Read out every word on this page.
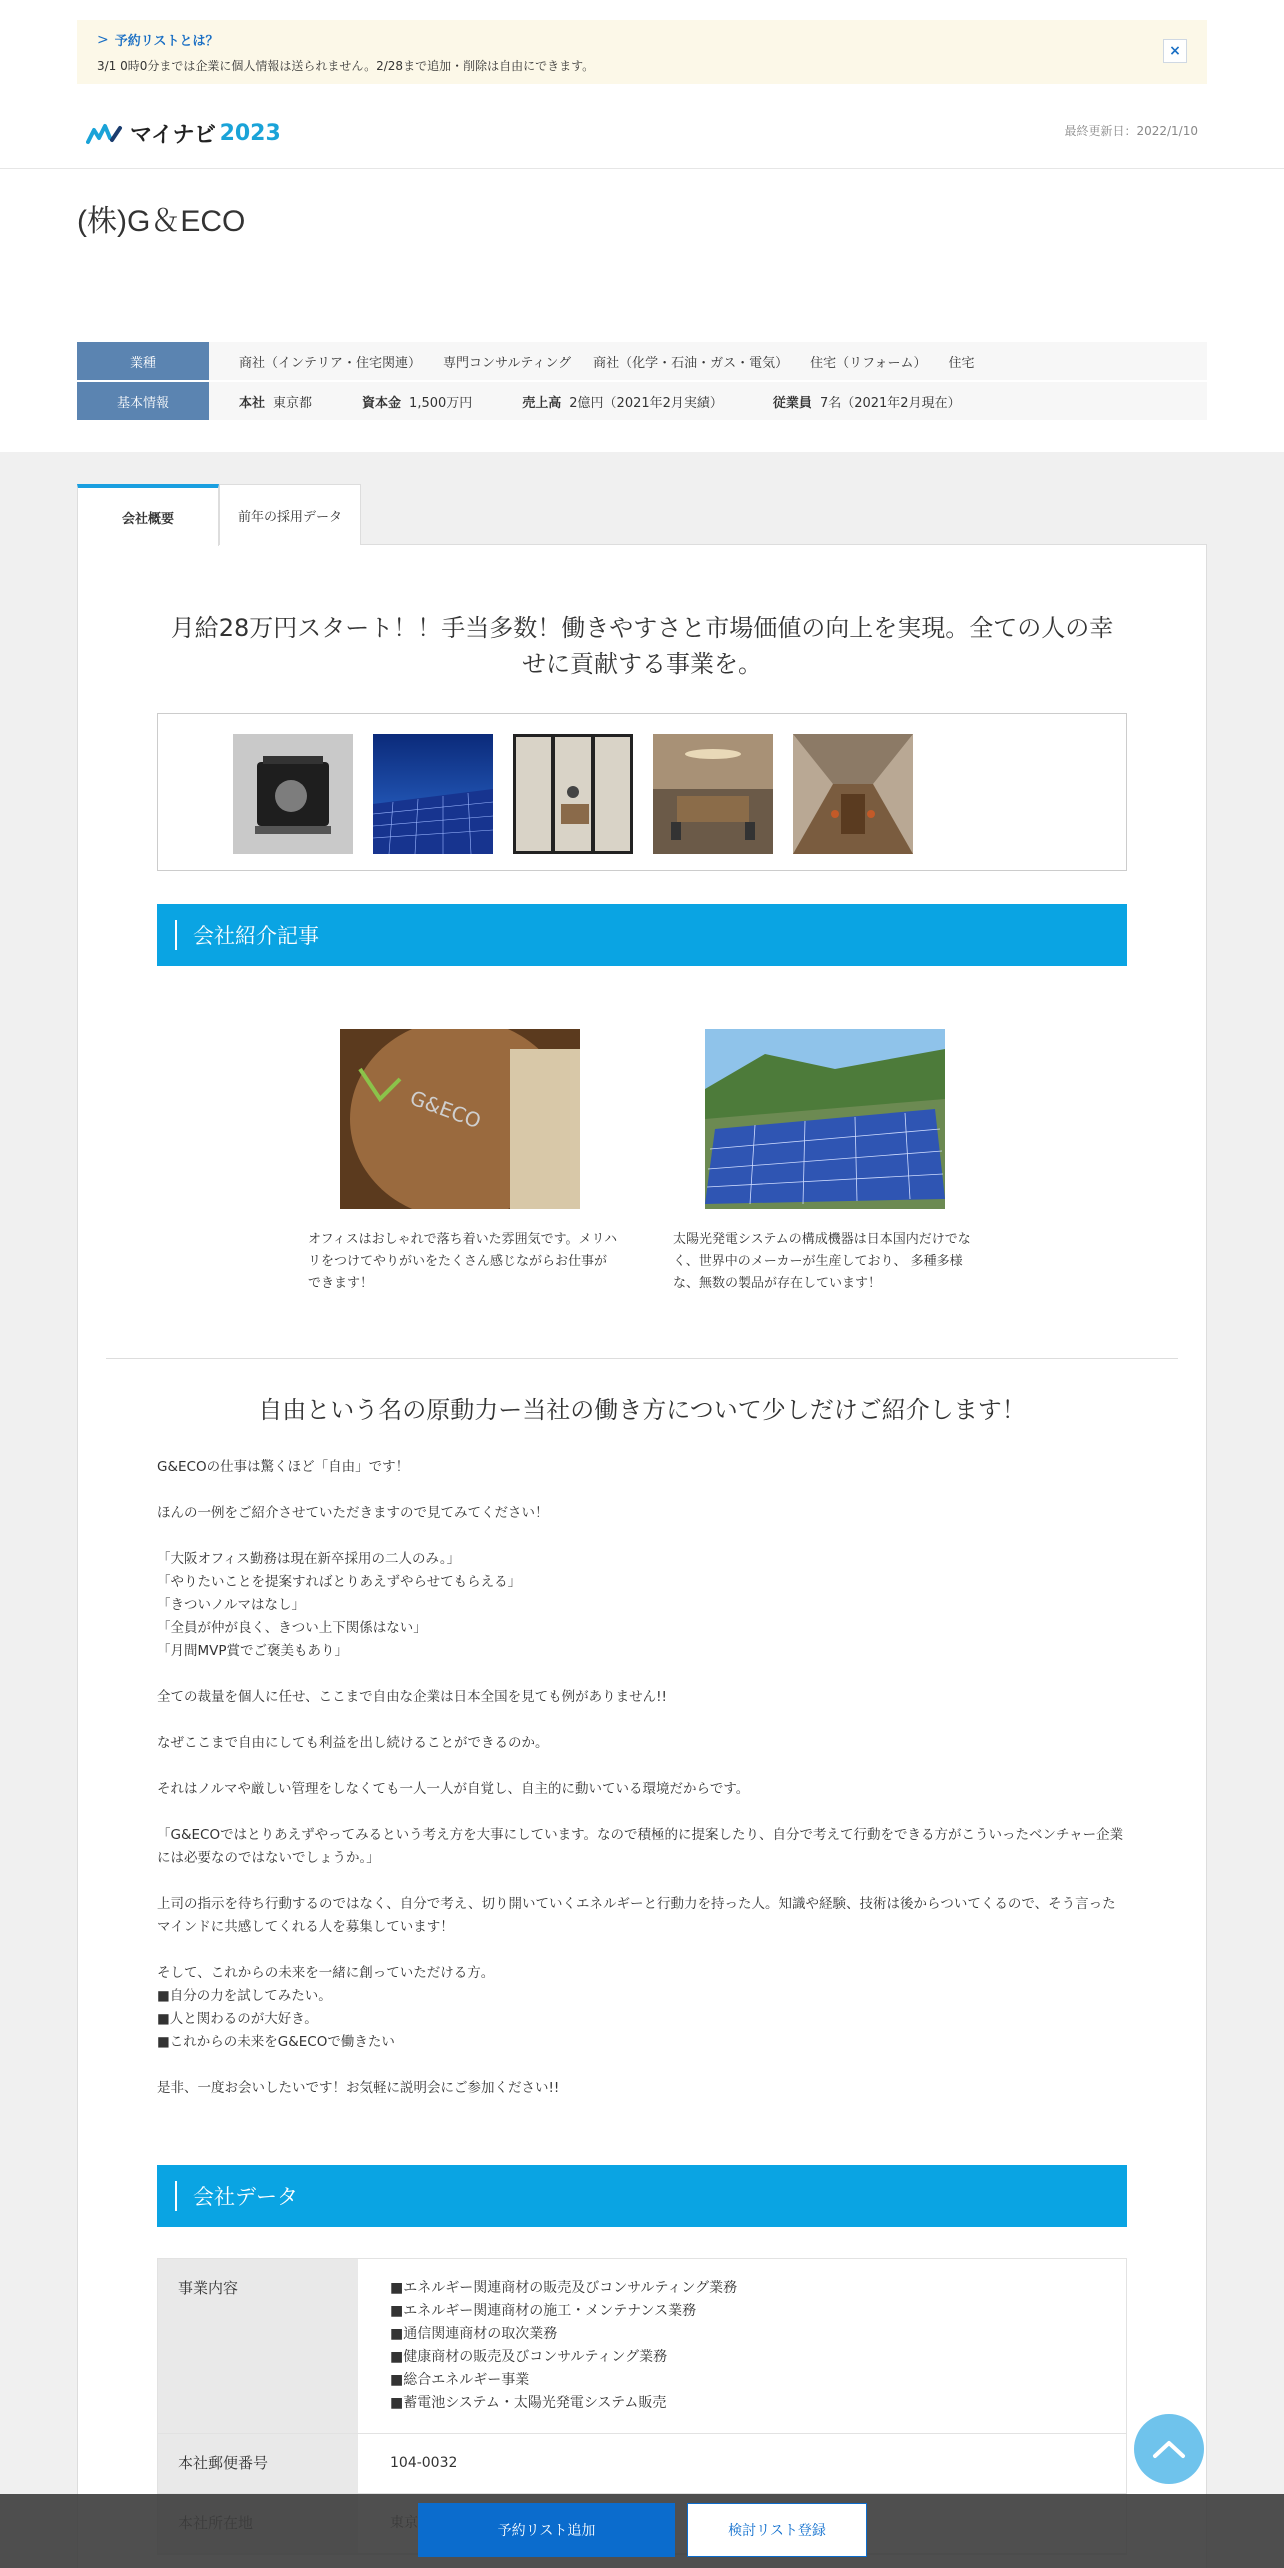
> 予約リストとは？
3/1 0時0分までは企業に個人情報は送られません。2/28まで追加・削除は自由にできます。
×
マイナビ 2023	最終更新日：2022/1/10
(株)G＆ECO
業種	商社（インテリア・住宅関連） 専門コンサルティング 商社（化学・石油・ガス・電気） 住宅（リフォーム） 住宅
基本情報	本社 東京都	資本金 1,500万円	売上高 2億円（2021年2月実績）	従業員 7名（2021年2月現在）
会社概要	前年の採用データ
月給28万円スタート！！手当多数！働きやすさと市場価値の向上を実現。全ての人の幸せに貢献する事業を。
会社紹介記事
G&ECO
オフィスはおしゃれで落ち着いた雰囲気です。メリハリをつけてやりがいをたくさん感じながらお仕事ができます！
太陽光発電システムの構成機器は日本国内だけでなく、世界中のメーカーが生産しており、 多種多様な、無数の製品が存在しています！
自由という名の原動力ー当社の働き方について少しだけご紹介します！

G&ECOの仕事は驚くほど「自由」です！

ほんの一例をご紹介させていただきますので見てみてください！

「大阪オフィス勤務は現在新卒採用の二人のみ。」
「やりたいことを提案すればとりあえずやらせてもらえる」
「きついノルマはなし」
「全員が仲が良く、きつい上下関係はない」
「月間MVP賞でご褒美もあり」

全ての裁量を個人に任せ、ここまで自由な企業は日本全国を見ても例がありません!!

なぜここまで自由にしても利益を出し続けることができるのか。

それはノルマや厳しい管理をしなくても一人一人が自覚し、自主的に動いている環境だからです。

「G&ECOではとりあえずやってみるという考え方を大事にしています。なので積極的に提案したり、自分で考えて行動をできる方がこういったベンチャー企業には必要なのではないでしょうか。」

上司の指示を待ち行動するのではなく、自分で考え、切り開いていくエネルギーと行動力を持った人。知識や経験、技術は後からついてくるので、そう言ったマインドに共感してくれる人を募集しています！

そして、これからの未来を一緒に創っていただける方。
■自分の力を試してみたい。
■人と関わるのが大好き。
■これからの未来をG&ECOで働きたい

是非、一度お会いしたいです！お気軽に説明会にご参加ください!!

会社データ
事業内容	■エネルギー関連商材の販売及びコンサルティング業務
■エネルギー関連商材の施工・メンテナンス業務
■通信関連商材の取次業務
■健康商材の販売及びコンサルティング業務
■総合エネルギー事業
■蓄電池システム・太陽光発電システム販売
本社郵便番号	104-0032
予約リスト追加	検討リスト登録
